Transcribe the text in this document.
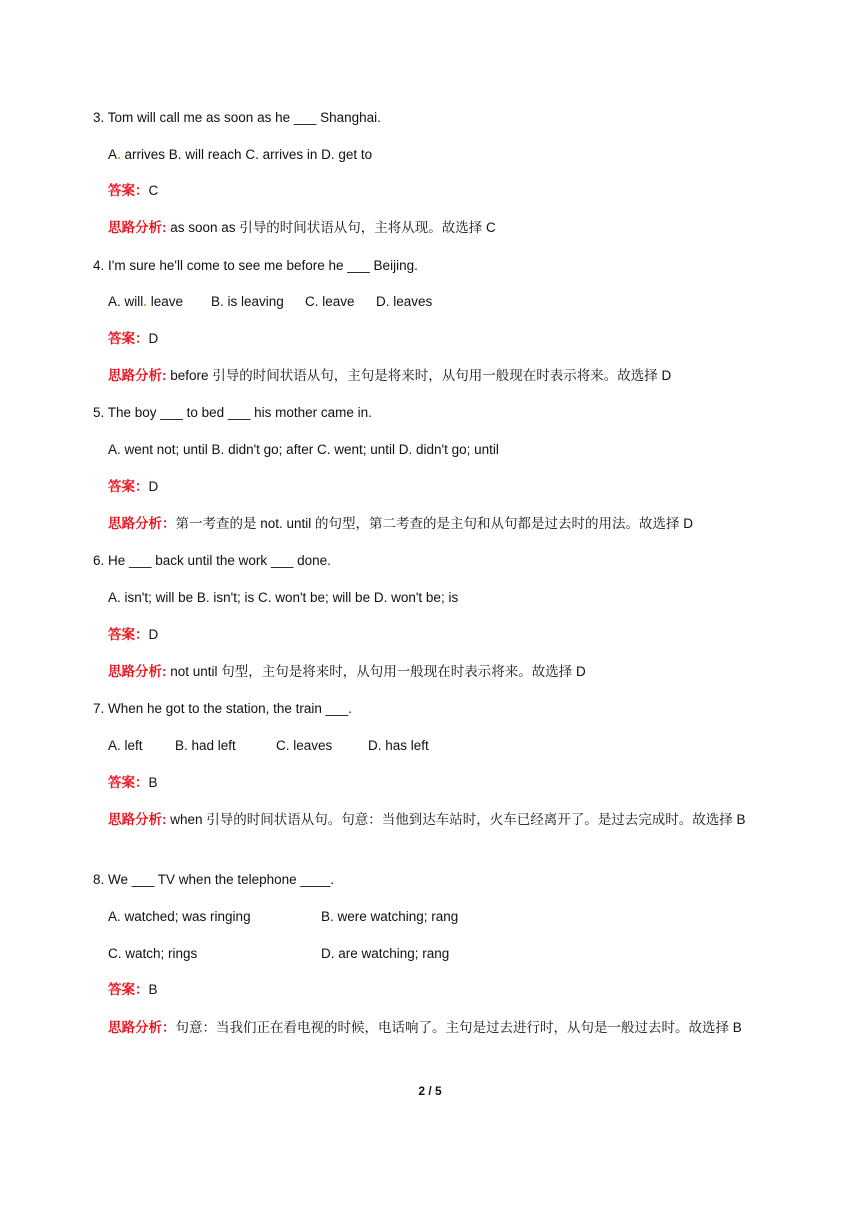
3. Tom will call me as soon as he ___ Shanghai.
A. arrives B. will reach C. arrives in D. get to
答案：C
思路分析: as soon as 引导的时间状语从句，主将从现。故选择 C
4. I'm sure he'll come to see me before he ___ Beijing.
A. will. leave B. is leaving C. leave D. leaves
答案：D
思路分析: before 引导的时间状语从句，主句是将来时，从句用一般现在时表示将来。故选择 D
5. The boy ___ to bed ___ his mother came in.
A. went not; until B. didn't go; after C. went; until D. didn't go; until
答案：D
思路分析：第一考查的是 not. until 的句型，第二考查的是主句和从句都是过去时的用法。故选择 D
6. He ___ back until the work ___ done.
A. isn't; will be B. isn't; is C. won't be; will be D. won't be; is
答案：D
思路分析: not until 句型，主句是将来时，从句用一般现在时表示将来。故选择 D
7. When he got to the station, the train ___.
A. left B. had left	C. leaves	D. has left
答案：B
思路分析: when 引导的时间状语从句。句意：当他到达车站时，火车已经离开了。是过去完成时。故选择 B
8. We ___ TV when the telephone ____.
A. watched; was ringing	B. were watching; rang
C. watch; rings	D. are watching; rang
答案：B
思路分析：句意：当我们正在看电视的时候，电话响了。主句是过去进行时，从句是一般过去时。故选择 B
2 / 5
